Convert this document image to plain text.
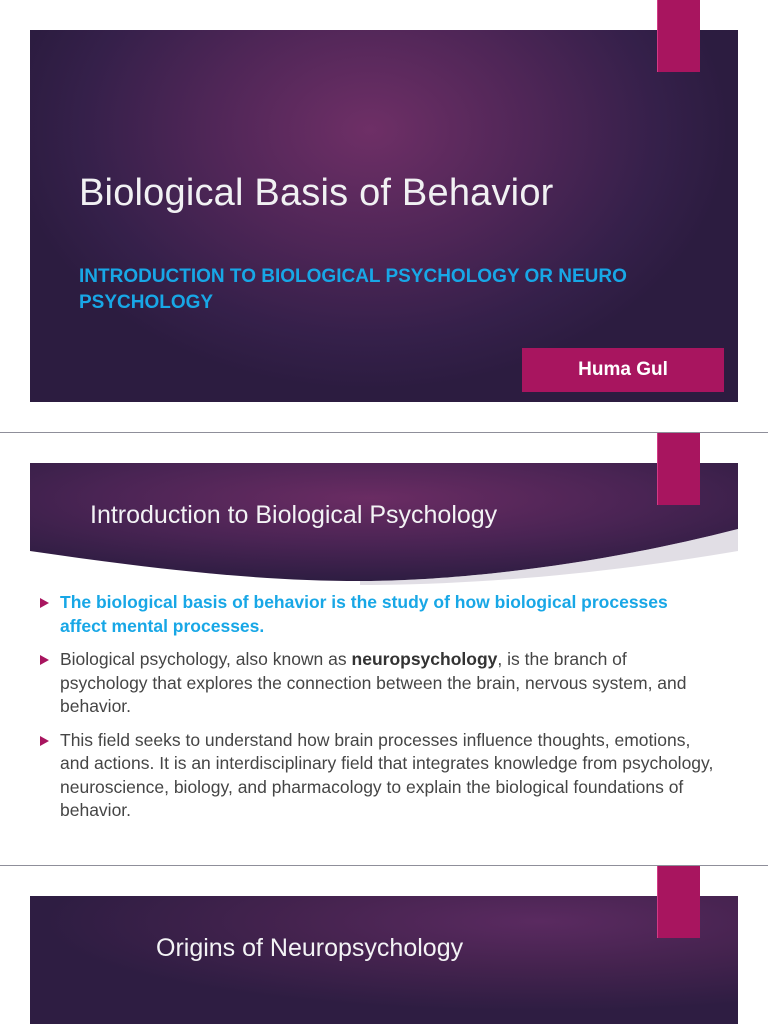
Biological Basis of Behavior

INTRODUCTION TO BIOLOGICAL PSYCHOLOGY OR NEURO PSYCHOLOGY

Huma Gul
Introduction to Biological Psychology
The biological basis of behavior is the study of how biological processes affect mental processes.
Biological psychology, also known as neuropsychology, is the branch of psychology that explores the connection between the brain, nervous system, and behavior.
This field seeks to understand how brain processes influence thoughts, emotions, and actions. It is an interdisciplinary field that integrates knowledge from psychology, neuroscience, biology, and pharmacology to explain the biological foundations of behavior.
Origins of Neuropsychology
